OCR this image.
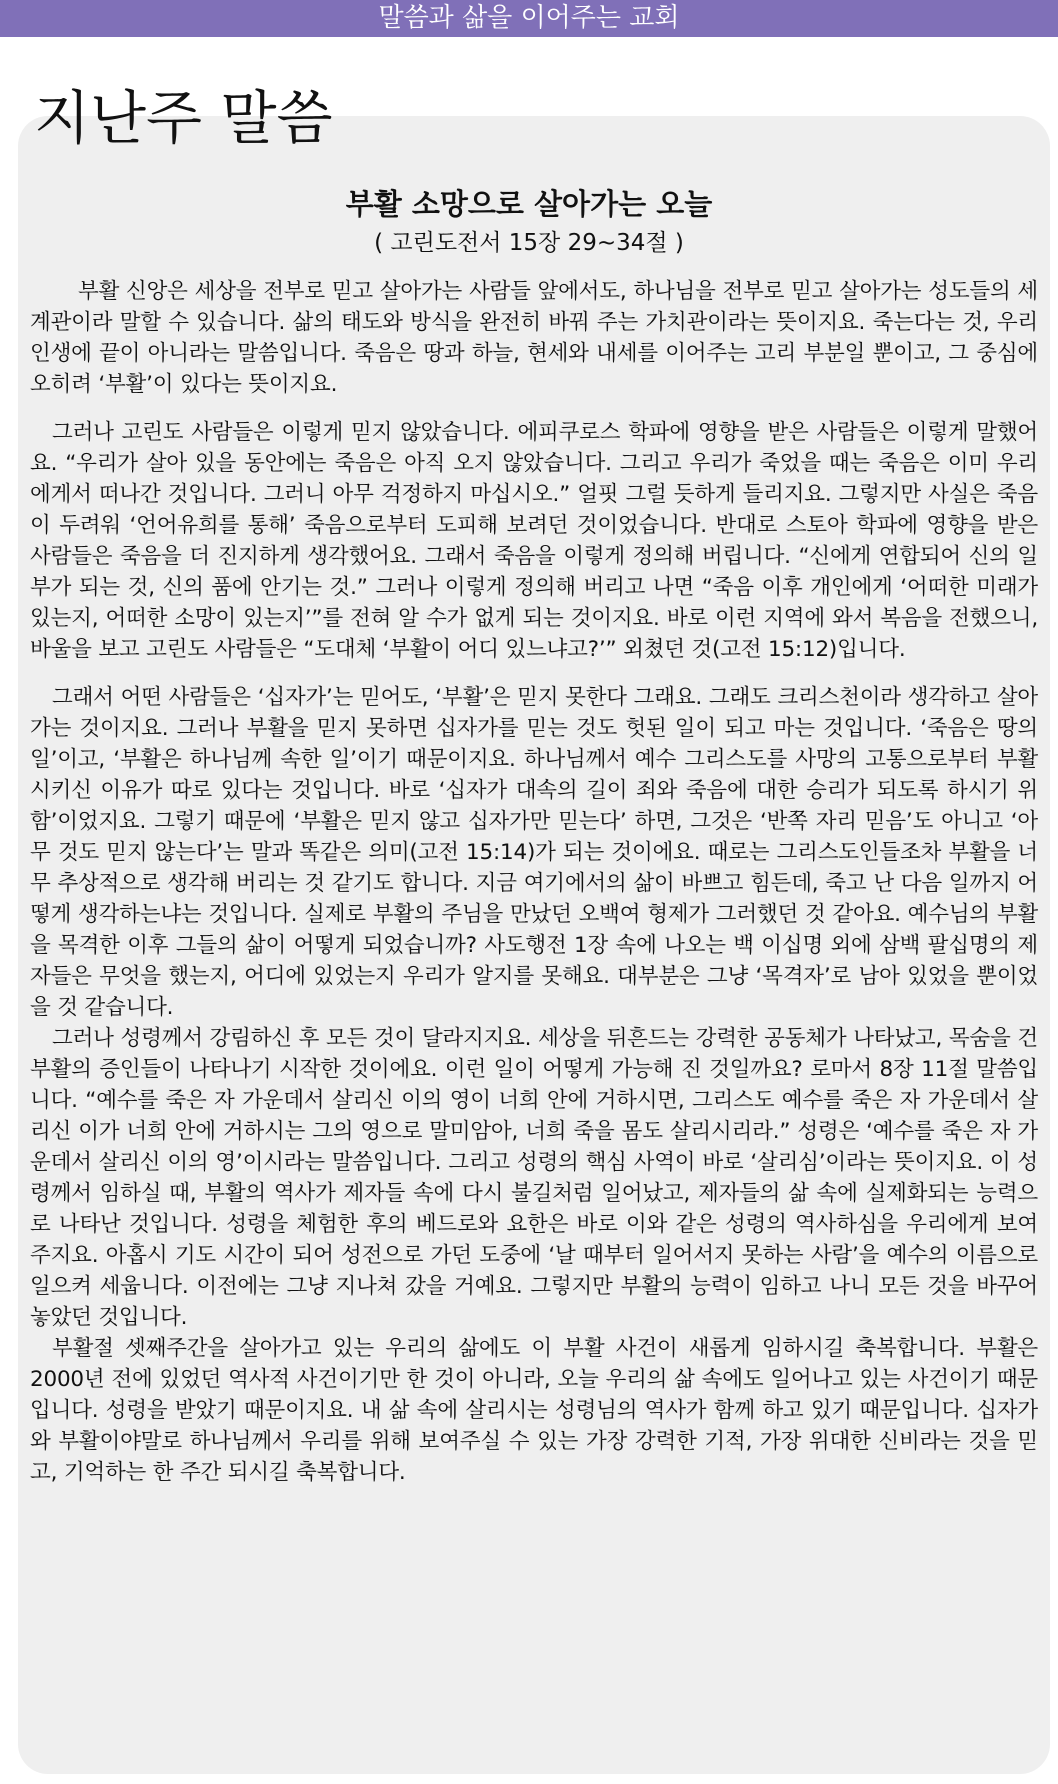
말씀과 삶을 이어주는 교회
지난주 말씀
부활 소망으로 살아가는 오늘
( 고린도전서 15장 29~34절 )

부활 신앙은 세상을 전부로 믿고 살아가는 사람들 앞에서도, 하나님을 전부로 믿고 살아가는 성도들의 세계관이라 말할 수 있습니다. 삶의 태도와 방식을 완전히 바꿔 주는 가치관이라는 뜻이지요. 죽는다는 것, 우리 인생에 끝이 아니라는 말씀입니다. 죽음은 땅과 하늘, 현세와 내세를 이어주는 고리 부분일 뿐이고, 그 중심에 오히려 ‘부활’이 있다는 뜻이지요.

그러나 고린도 사람들은 이렇게 믿지 않았습니다. 에피쿠로스 학파에 영향을 받은 사람들은 이렇게 말했어요. “우리가 살아 있을 동안에는 죽음은 아직 오지 않았습니다. 그리고 우리가 죽었을 때는 죽음은 이미 우리에게서 떠나간 것입니다. 그러니 아무 걱정하지 마십시오.” 얼핏 그럴 듯하게 들리지요. 그렇지만 사실은 죽음이 두려워 ‘언어유희를 통해’ 죽음으로부터 도피해 보려던 것이었습니다. 반대로 스토아 학파에 영향을 받은 사람들은 죽음을 더 진지하게 생각했어요. 그래서 죽음을 이렇게 정의해 버립니다. “신에게 연합되어 신의 일부가 되는 것, 신의 품에 안기는 것.” 그러나 이렇게 정의해 버리고 나면 “죽음 이후 개인에게 ‘어떠한 미래가 있는지, 어떠한 소망이 있는지’”를 전혀 알 수가 없게 되는 것이지요. 바로 이런 지역에 와서 복음을 전했으니, 바울을 보고 고린도 사람들은 “도대체 ‘부활이 어디 있느냐고?’” 외쳤던 것(고전 15:12)입니다.

그래서 어떤 사람들은 ‘십자가’는 믿어도, ‘부활’은 믿지 못한다 그래요. 그래도 크리스천이라 생각하고 살아가는 것이지요. 그러나 부활을 믿지 못하면 십자가를 믿는 것도 헛된 일이 되고 마는 것입니다. ‘죽음은 땅의 일’이고, ‘부활은 하나님께 속한 일’이기 때문이지요. 하나님께서 예수 그리스도를 사망의 고통으로부터 부활시키신 이유가 따로 있다는 것입니다. 바로 ‘십자가 대속의 길이 죄와 죽음에 대한 승리가 되도록 하시기 위함’이었지요. 그렇기 때문에 ‘부활은 믿지 않고 십자가만 믿는다’ 하면, 그것은 ‘반쪽 자리 믿음’도 아니고 ‘아무 것도 믿지 않는다’는 말과 똑같은 의미(고전 15:14)가 되는 것이에요. 때로는 그리스도인들조차 부활을 너무 추상적으로 생각해 버리는 것 같기도 합니다. 지금 여기에서의 삶이 바쁘고 힘든데, 죽고 난 다음 일까지 어떻게 생각하는냐는 것입니다. 실제로 부활의 주님을 만났던 오백여 형제가 그러했던 것 같아요. 예수님의 부활을 목격한 이후 그들의 삶이 어떻게 되었습니까? 사도행전 1장 속에 나오는 백 이십명 외에 삼백 팔십명의 제자들은 무엇을 했는지, 어디에 있었는지 우리가 알지를 못해요. 대부분은 그냥 ‘목격자’로 남아 있었을 뿐이었을 것 같습니다.

그러나 성령께서 강림하신 후 모든 것이 달라지지요. 세상을 뒤흔드는 강력한 공동체가 나타났고, 목숨을 건 부활의 증인들이 나타나기 시작한 것이에요. 이런 일이 어떻게 가능해 진 것일까요? 로마서 8장 11절 말씀입니다. “예수를 죽은 자 가운데서 살리신 이의 영이 너희 안에 거하시면, 그리스도 예수를 죽은 자 가운데서 살리신 이가 너희 안에 거하시는 그의 영으로 말미암아, 너희 죽을 몸도 살리시리라.” 성령은 ‘예수를 죽은 자 가운데서 살리신 이의 영’이시라는 말씀입니다. 그리고 성령의 핵심 사역이 바로 ‘살리심’이라는 뜻이지요. 이 성령께서 임하실 때, 부활의 역사가 제자들 속에 다시 불길처럼 일어났고, 제자들의 삶 속에 실제화되는 능력으로 나타난 것입니다. 성령을 체험한 후의 베드로와 요한은 바로 이와 같은 성령의 역사하심을 우리에게 보여 주지요. 아홉시 기도 시간이 되어 성전으로 가던 도중에 ‘날 때부터 일어서지 못하는 사람’을 예수의 이름으로 일으켜 세웁니다. 이전에는 그냥 지나쳐 갔을 거예요. 그렇지만 부활의 능력이 임하고 나니 모든 것을 바꾸어 놓았던 것입니다.

부활절 셋째주간을 살아가고 있는 우리의 삶에도 이 부활 사건이 새롭게 임하시길 축복합니다. 부활은 2000년 전에 있었던 역사적 사건이기만 한 것이 아니라, 오늘 우리의 삶 속에도 일어나고 있는 사건이기 때문입니다. 성령을 받았기 때문이지요. 내 삶 속에 살리시는 성령님의 역사가 함께 하고 있기 때문입니다. 십자가와 부활이야말로 하나님께서 우리를 위해 보여주실 수 있는 가장 강력한 기적, 가장 위대한 신비라는 것을 믿고, 기억하는 한 주간 되시길 축복합니다.
